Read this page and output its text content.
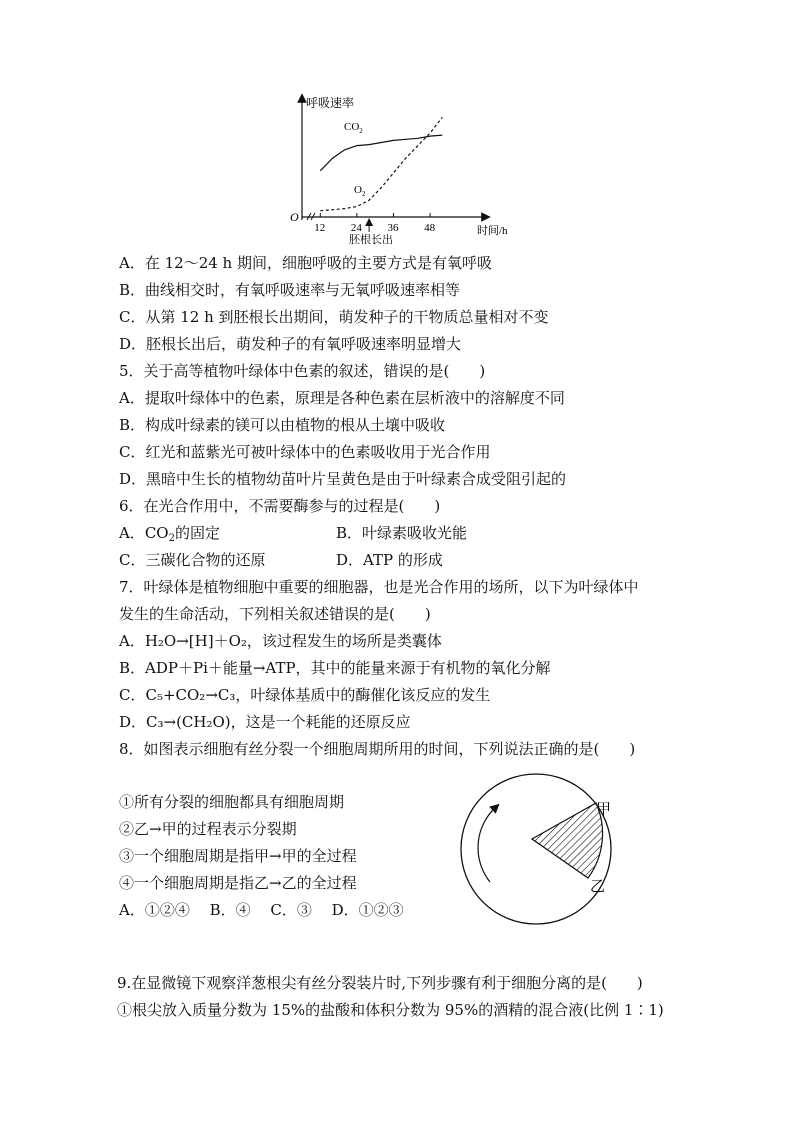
12 24 36 48
呼吸速率
O
时间/h
胚根长出
$CO_2$
$O_2$
A．在 12～24 h 期间，细胞呼吸的主要方式是有氧呼吸
B．曲线相交时，有氧呼吸速率与无氧呼吸速率相等
C．从第 12 h 到胚根长出期间，萌发种子的干物质总量相对不变
D．胚根长出后，萌发种子的有氧呼吸速率明显增大
5．关于高等植物叶绿体中色素的叙述，错误的是(　　)
A．提取叶绿体中的色素，原理是各种色素在层析液中的溶解度不同
B．构成叶绿素的镁可以由植物的根从土壤中吸收
C．红光和蓝紫光可被叶绿体中的色素吸收用于光合作用
D．黑暗中生长的植物幼苗叶片呈黄色是由于叶绿素合成受阻引起的
6．在光合作用中，不需要酶参与的过程是(　　)
A．$CO_2$的固定	B．叶绿素吸收光能
C．三碳化合物的还原	D．ATP 的形成
7．叶绿体是植物细胞中重要的细胞器，也是光合作用的场所，以下为叶绿体中
发生的生命活动，下列相关叙述错误的是(　　)
A．H₂O→[H]＋O₂，该过程发生的场所是类囊体
B．ADP＋Pi＋能量→ATP，其中的能量来源于有机物的氧化分解
C．C₅+CO₂→C₃，叶绿体基质中的酶催化该反应的发生
D．C₃→(CH₂O)，这是一个耗能的还原反应
8．如图表示细胞有丝分裂一个细胞周期所用的时间，下列说法正确的是(　　)
①所有分裂的细胞都具有细胞周期
②乙→甲的过程表示分裂期
③一个细胞周期是指甲→甲的全过程
④一个细胞周期是指乙→乙的全过程
A．①②④　 B．④　 C．③　 D．①②③
甲
乙
9.在显微镜下观察洋葱根尖有丝分裂装片时,下列步骤有利于细胞分离的是(　　)
①根尖放入质量分数为 15%的盐酸和体积分数为 95%的酒精的混合液(比例 1∶1)
